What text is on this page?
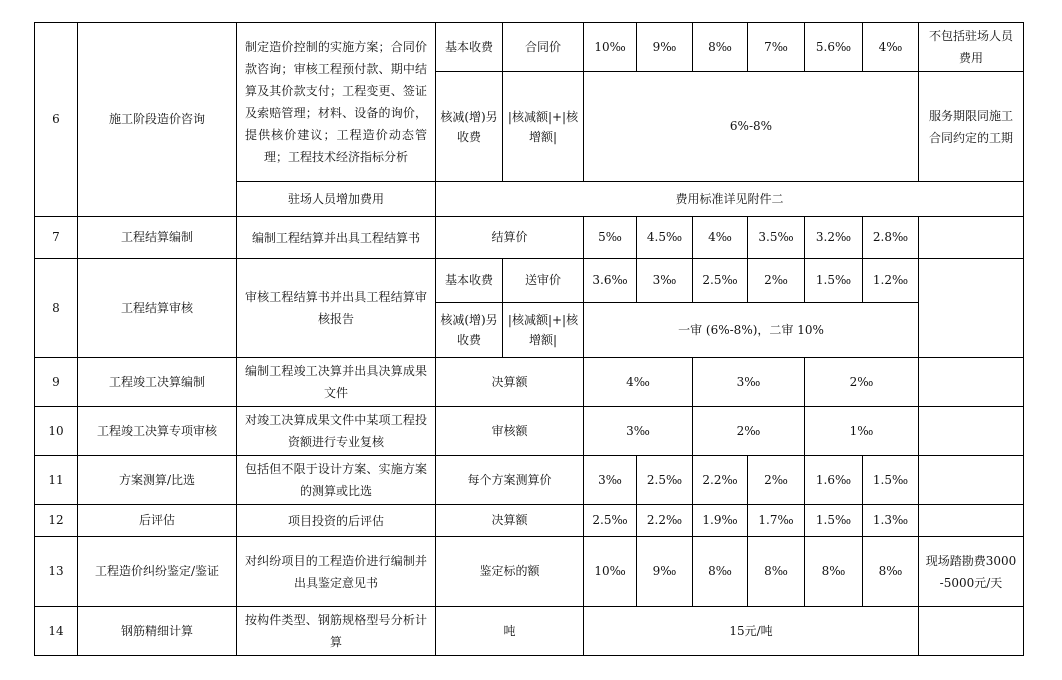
6	施工阶段造价咨询	制定造价控制的实施方案；合同价款咨询；审核工程预付款、期中结算及其价款支付；工程变更、签证及索赔管理；材料、设备的询价，提供核价建议；工程造价动态管理；工程技术经济指标分析	基本收费	合同价	10‰	9‰	8‰	7‰	5.6‰	4‰	不包括驻场人员费用
			核减(增)另收费	|核减额|+|核增额|	6%-8%						服务期限同施工合同约定的工期
		驻场人员增加费用	费用标准详见附件二								
7	工程结算编制	编制工程结算并出具工程结算书	结算价		5‰	4.5‰	4‰	3.5‰	3.2‰	2.8‰	
8	工程结算审核	审核工程结算书并出具工程结算审核报告	基本收费	送审价	3.6‰	3‰	2.5‰	2‰	1.5‰	1.2‰	
			核减(增)另收费	|核减额|+|核增额|	一审 (6%-8%)，二审 10%						
9	工程竣工决算编制	编制工程竣工决算并出具决算成果文件	决算额		4‰		3‰		2‰		
10	工程竣工决算专项审核	对竣工决算成果文件中某项工程投资额进行专业复核	审核额		3‰		2‰		1‰		
11	方案测算/比选	包括但不限于设计方案、实施方案的测算或比选	每个方案测算价		3‰	2.5‰	2.2‰	2‰	1.6‰	1.5‰	
12	后评估	项目投资的后评估	决算额		2.5‰	2.2‰	1.9‰	1.7‰	1.5‰	1.3‰	
13	工程造价纠纷鉴定/鉴证	对纠纷项目的工程造价进行编制并出具鉴定意见书	鉴定标的额		10‰	9‰	8‰	8‰	8‰	8‰	现场踏勘费3000-5000元/天
14	钢筋精细计算	按构件类型、钢筋规格型号分析计算	吨		15元/吨						
